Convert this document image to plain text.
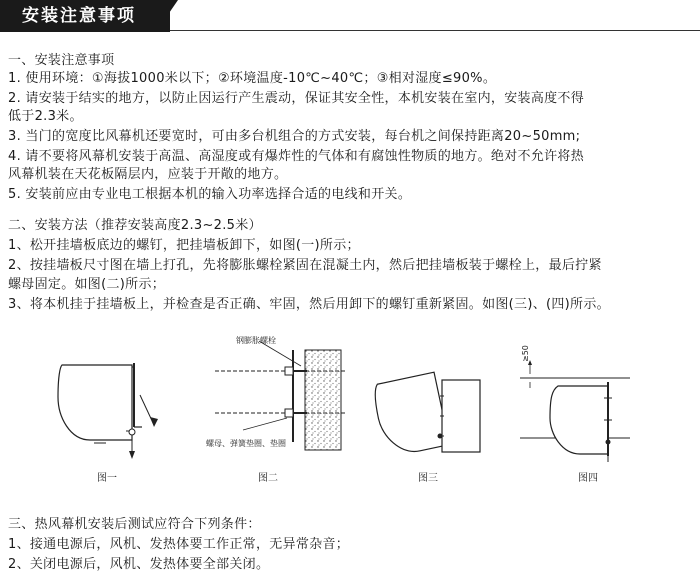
安装注意事项
一、安装注意事项
1. 使用环境：①海拔1000米以下；②环境温度-10℃~40℃；③相对湿度≤90%。
2. 请安装于结实的地方，以防止因运行产生震动，保证其安全性，本机安装在室内，安装高度不得
低于2.3米。
3. 当门的宽度比风幕机还要宽时，可由多台机组合的方式安装，每台机之间保持距离20~50mm;
4. 请不要将风幕机安装于高温、高湿度或有爆炸性的气体和有腐蚀性物质的地方。绝对不允许将热
风幕机装在天花板隔层内，应装于开敞的地方。
5. 安装前应由专业电工根据本机的输入功率选择合适的电线和开关。
二、安装方法（推荐安装高度2.3~2.5米）
1、松开挂墙板底边的螺钉，把挂墙板卸下，如图(一)所示；
2、按挂墙板尺寸图在墙上打孔，先将膨胀螺栓紧固在混凝土内，然后把挂墙板装于螺栓上，最后拧紧
螺母固定。如图(二)所示；
3、将本机挂于挂墙板上，并检查是否正确、牢固，然后用卸下的螺钉重新紧固。如图(三)、(四)所示。
图一
钢膨胀螺栓
螺母、弹簧垫圈、垫圈
图二	图三
≥50
图四
三、热风幕机安装后测试应符合下列条件：
1、接通电源后，风机、发热体要工作正常，无异常杂音；
2、关闭电源后，风机、发热体要全部关闭。
